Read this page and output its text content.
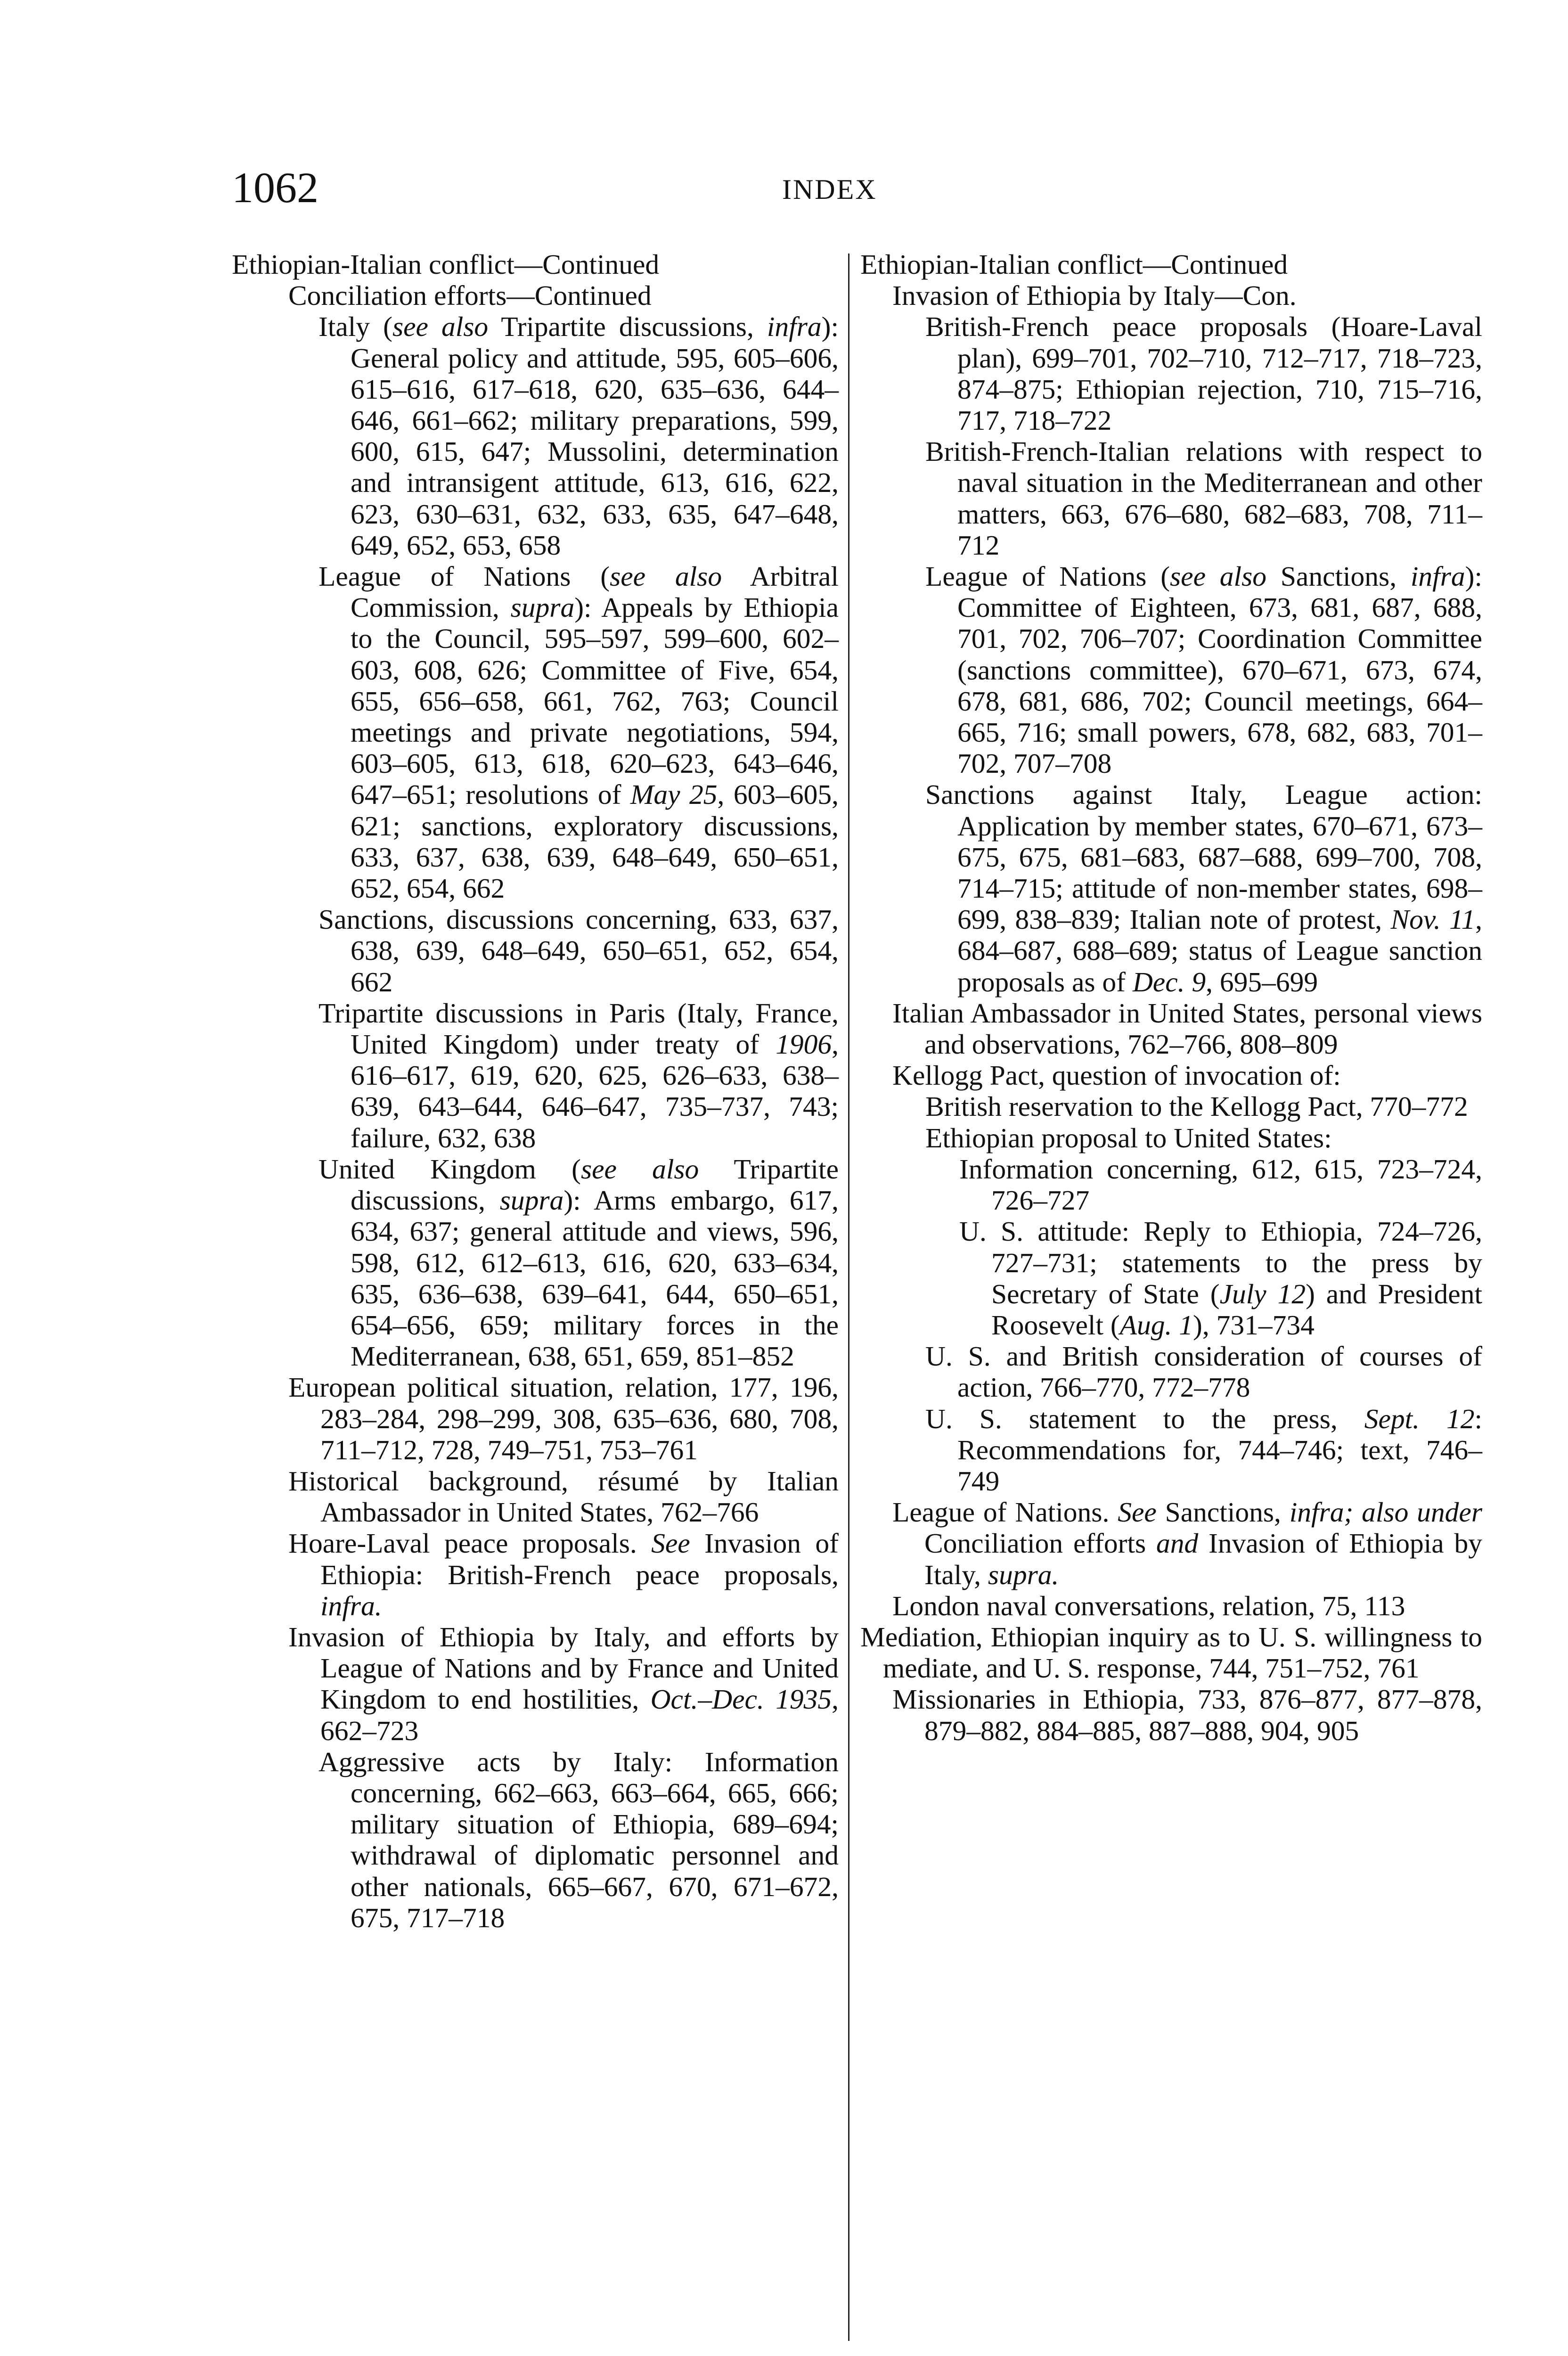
1062	INDEX
Ethiopian-Italian conflict—Continued
Conciliation efforts—Continued
Italy (see also Tripartite discussions, infra): General policy and attitude, 595, 605–606, 615–616, 617–618, 620, 635–636, 644–646, 661–662; military preparations, 599, 600, 615, 647; Mussolini, determination and intransigent attitude, 613, 616, 622, 623, 630–631, 632, 633, 635, 647–648, 649, 652, 653, 658
League of Nations (see also Arbitral Commission, supra): Appeals by Ethiopia to the Council, 595–597, 599–600, 602–603, 608, 626; Committee of Five, 654, 655, 656–658, 661, 762, 763; Council meetings and private negotiations, 594, 603–605, 613, 618, 620–623, 643–646, 647–651; resolutions of May 25, 603–605, 621; sanctions, exploratory discussions, 633, 637, 638, 639, 648–649, 650–651, 652, 654, 662
Sanctions, discussions concerning, 633, 637, 638, 639, 648–649, 650–651, 652, 654, 662
Tripartite discussions in Paris (Italy, France, United Kingdom) under treaty of 1906, 616–617, 619, 620, 625, 626–633, 638–639, 643–644, 646–647, 735–737, 743; failure, 632, 638
United Kingdom (see also Tripartite discussions, supra): Arms embargo, 617, 634, 637; general attitude and views, 596, 598, 612, 612–613, 616, 620, 633–634, 635, 636–638, 639–641, 644, 650–651, 654–656, 659; military forces in the Mediterranean, 638, 651, 659, 851–852
European political situation, relation, 177, 196, 283–284, 298–299, 308, 635–636, 680, 708, 711–712, 728, 749–751, 753–761
Historical background, résumé by Italian Ambassador in United States, 762–766
Hoare-Laval peace proposals. See Invasion of Ethiopia: British-French peace proposals, infra.
Invasion of Ethiopia by Italy, and efforts by League of Nations and by France and United Kingdom to end hostilities, Oct.–Dec. 1935, 662–723
Aggressive acts by Italy: Information concerning, 662–663, 663–664, 665, 666; military situation of Ethiopia, 689–694; withdrawal of diplomatic personnel and other nationals, 665–667, 670, 671–672, 675, 717–718
Ethiopian-Italian conflict—Continued
Invasion of Ethiopia by Italy—Con.
British-French peace proposals (Hoare-Laval plan), 699–701, 702–710, 712–717, 718–723, 874–875; Ethiopian rejection, 710, 715–716, 717, 718–722
British-French-Italian relations with respect to naval situation in the Mediterranean and other matters, 663, 676–680, 682–683, 708, 711–712
League of Nations (see also Sanctions, infra): Committee of Eighteen, 673, 681, 687, 688, 701, 702, 706–707; Coordination Committee (sanctions committee), 670–671, 673, 674, 678, 681, 686, 702; Council meetings, 664–665, 716; small powers, 678, 682, 683, 701–702, 707–708
Sanctions against Italy, League action: Application by member states, 670–671, 673–675, 675, 681–683, 687–688, 699–700, 708, 714–715; attitude of non-member states, 698–699, 838–839; Italian note of protest, Nov. 11, 684–687, 688–689; status of League sanction proposals as of Dec. 9, 695–699
Italian Ambassador in United States, personal views and observations, 762–766, 808–809
Kellogg Pact, question of invocation of:
British reservation to the Kellogg Pact, 770–772
Ethiopian proposal to United States:
Information concerning, 612, 615, 723–724, 726–727
U. S. attitude: Reply to Ethiopia, 724–726, 727–731; statements to the press by Secretary of State (July 12) and President Roosevelt (Aug. 1), 731–734
U. S. and British consideration of courses of action, 766–770, 772–778
U. S. statement to the press, Sept. 12: Recommendations for, 744–746; text, 746–749
League of Nations. See Sanctions, infra; also under Conciliation efforts and Invasion of Ethiopia by Italy, supra.
London naval conversations, relation, 75, 113
Mediation, Ethiopian inquiry as to U. S. willingness to mediate, and U. S. response, 744, 751–752, 761
Missionaries in Ethiopia, 733, 876–877, 877–878, 879–882, 884–885, 887–888, 904, 905
